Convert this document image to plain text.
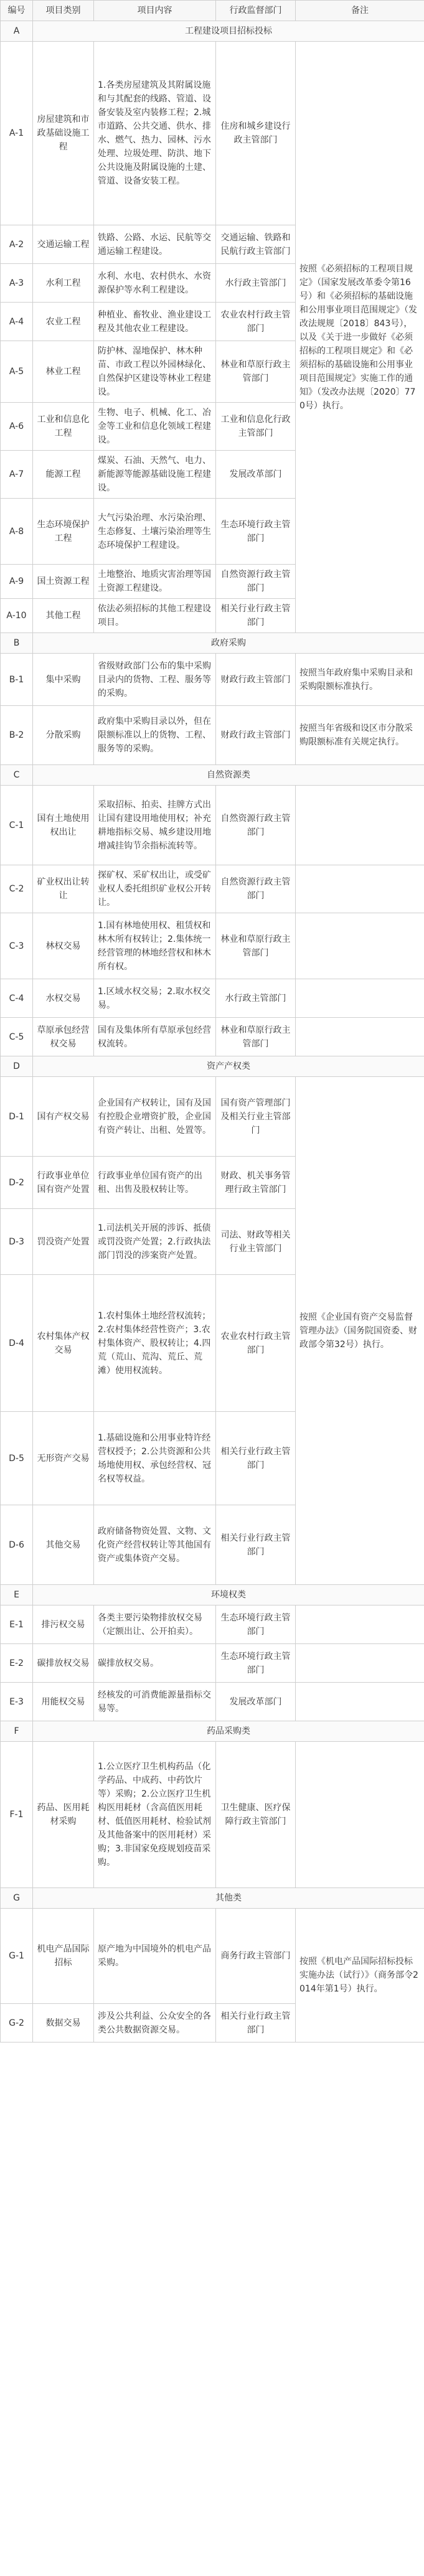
编号	项目类别	项目内容	行政监督部门	备注
A	工程建设项目招标投标			
A-1	房屋建筑和市政基础设施工程	1.各类房屋建筑及其附属设施和与其配套的线路、管道、设备安装及室内装修工程；2.城市道路、公共交通、供水、排水、燃气、热力、园林、污水处理、垃圾处理、防洪、地下公共设施及附属设施的土建、管道、设备安装工程。	住房和城乡建设行政主管部门	按照《必须招标的工程项目规定》（国家发展改革委令第16号）和《必须招标的基础设施和公用事业项目范围规定》（发改法规规〔2018〕843号），以及《关于进一步做好《必须招标的工程项目规定》和《必须招标的基础设施和公用事业项目范围规定》实施工作的通知》（发改办法规〔2020〕770号）执行。
A-2	交通运输工程	铁路、公路、水运、民航等交通运输工程建设。	交通运输、铁路和民航行政主管部门	
A-3	水利工程	水利、水电、农村供水、水资源保护等水利工程建设。	水行政主管部门	
A-4	农业工程	种植业、畜牧业、渔业建设工程及其他农业工程建设。	农业农村行政主管部门	
A-5	林业工程	防护林、湿地保护、林木种苗、市政工程以外园林绿化、自然保护区建设等林业工程建设。	林业和草原行政主管部门	
A-6	工业和信息化工程	生物、电子、机械、化工、冶金等工业和信息化领域工程建设。	工业和信息化行政主管部门	
A-7	能源工程	煤炭、石油、天然气、电力、新能源等能源基础设施工程建设。	发展改革部门	
A-8	生态环境保护工程	大气污染治理、水污染治理、生态修复、土壤污染治理等生态环境保护工程建设。	生态环境行政主管部门	
A-9	国土资源工程	土地整治、地质灾害治理等国土资源工程建设。	自然资源行政主管部门	
A-10	其他工程	依法必须招标的其他工程建设项目。	相关行业行政主管部门	
B	政府采购			
B-1	集中采购	省级财政部门公布的集中采购目录内的货物、工程、服务等的采购。	财政行政主管部门	按照当年政府集中采购目录和采购限额标准执行。
B-2	分散采购	政府集中采购目录以外，但在限额标准以上的货物、工程、服务等的采购。	财政行政主管部门	按照当年省级和设区市分散采购限额标准有关规定执行。
C	自然资源类			
C-1	国有土地使用权出让	采取招标、拍卖、挂牌方式出让国有建设用地使用权；补充耕地指标交易、城乡建设用地增减挂钩节余指标流转等。	自然资源行政主管部门	
C-2	矿业权出让转让	探矿权、采矿权出让，或受矿业权人委托组织矿业权公开转让。	自然资源行政主管部门	
C-3	林权交易	1.国有林地使用权、租赁权和林木所有权转让；2.集体统一经营管理的林地经营权和林木所有权。	林业和草原行政主管部门	
C-4	水权交易	1.区域水权交易；2.取水权交易。	水行政主管部门	
C-5	草原承包经营权交易	国有及集体所有草原承包经营权流转。	林业和草原行政主管部门	
D	资产产权类			
D-1	国有产权交易	企业国有产权转让，国有及国有控股企业增资扩股，企业国有资产转让、出租、处置等。	国有资产管理部门及相关行业主管部门	按照《企业国有资产交易监督管理办法》（国务院国资委、财政部令第32号）执行。
D-2	行政事业单位国有资产处置	行政事业单位国有资产的出租、出售及股权转让等。	财政、机关事务管理行政主管部门	
D-3	罚没资产处置	1.司法机关开展的涉诉、抵债或罚没资产处置；2.行政执法部门罚没的涉案资产处置。	司法、财政等相关行业主管部门	
D-4	农村集体产权交易	1.农村集体土地经营权流转；2.农村集体经营性资产；3.农村集体资产、股权转让；4.四荒（荒山、荒沟、荒丘、荒滩）使用权流转。	农业农村行政主管部门	
D-5	无形资产交易	1.基础设施和公用事业特许经营权授予；2.公共资源和公共场地使用权、承包经营权、冠名权等权益。	相关行业行政主管部门	
D-6	其他交易	政府储备物资处置、文物、文化资产经营权转让等其他国有资产或集体资产交易。	相关行业行政主管部门	
E	环境权类			
E-1	排污权交易	各类主要污染物排放权交易（定额出让、公开拍卖）。	生态环境行政主管部门	
E-2	碳排放权交易	碳排放权交易。	生态环境行政主管部门	
E-3	用能权交易	经核发的可消费能源量指标交易等。	发展改革部门	
F	药品采购类			
F-1	药品、医用耗材采购	1.公立医疗卫生机构药品（化学药品、中成药、中药饮片等）采购；2.公立医疗卫生机构医用耗材（含高值医用耗材、低值医用耗材、检验试剂及其他备案中的医用耗材）采购；3.非国家免疫规划疫苗采购。	卫生健康、医疗保障行政主管部门	
G	其他类			
G-1	机电产品国际招标	原产地为中国境外的机电产品采购。	商务行政主管部门	按照《机电产品国际招标投标实施办法（试行）》（商务部令2014年第1号）执行。
G-2	数据交易	涉及公共利益、公众安全的各类公共数据资源交易。	相关行业行政主管部门	
